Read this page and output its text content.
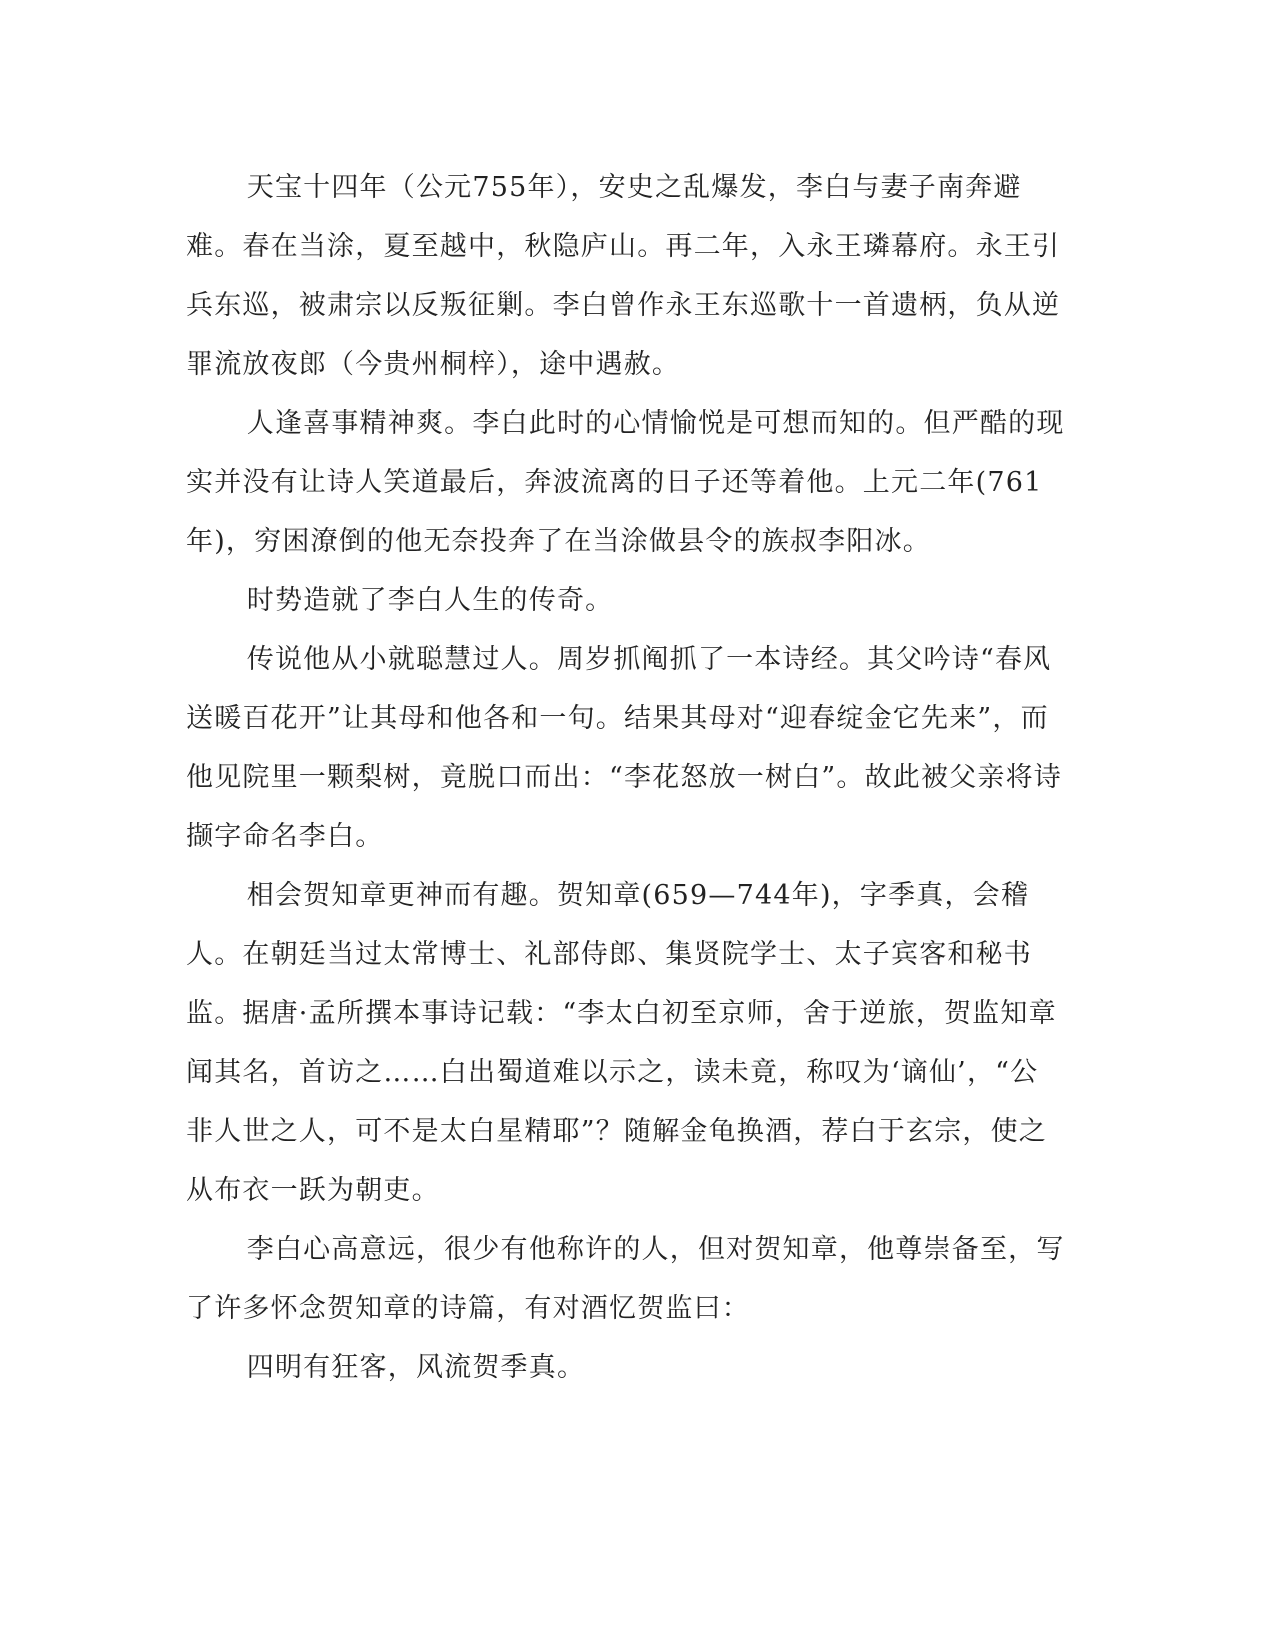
天宝十四年（公元755年），安史之乱爆发，李白与妻子南奔避难。春在当涂，夏至越中，秋隐庐山。再二年，入永王璘幕府。永王引兵东巡，被肃宗以反叛征剿。李白曾作永王东巡歌十一首遗柄，负从逆罪流放夜郎（今贵州桐梓），途中遇赦。

人逢喜事精神爽。李白此时的心情愉悦是可想而知的。但严酷的现实并没有让诗人笑道最后，奔波流离的日子还等着他。上元二年(761年)，穷困潦倒的他无奈投奔了在当涂做县令的族叔李阳冰。

时势造就了李白人生的传奇。

传说他从小就聪慧过人。周岁抓阄抓了一本诗经。其父吟诗“春风送暖百花开”让其母和他各和一句。结果其母对“迎春绽金它先来”，而他见院里一颗梨树，竟脱口而出：“李花怒放一树白”。故此被父亲将诗撷字命名李白。

相会贺知章更神而有趣。贺知章(659—744年)，字季真，会稽人。在朝廷当过太常博士、礼部侍郎、集贤院学士、太子宾客和秘书监。据唐·孟所撰本事诗记载：“李太白初至京师，舍于逆旅，贺监知章闻其名，首访之……白出蜀道难以示之，读未竟，称叹为‘谪仙’，“公非人世之人，可不是太白星精耶”？随解金龟换酒，荐白于玄宗，使之从布衣一跃为朝吏。

李白心高意远，很少有他称许的人，但对贺知章，他尊崇备至，写了许多怀念贺知章的诗篇，有对酒忆贺监曰：

四明有狂客，风流贺季真。
